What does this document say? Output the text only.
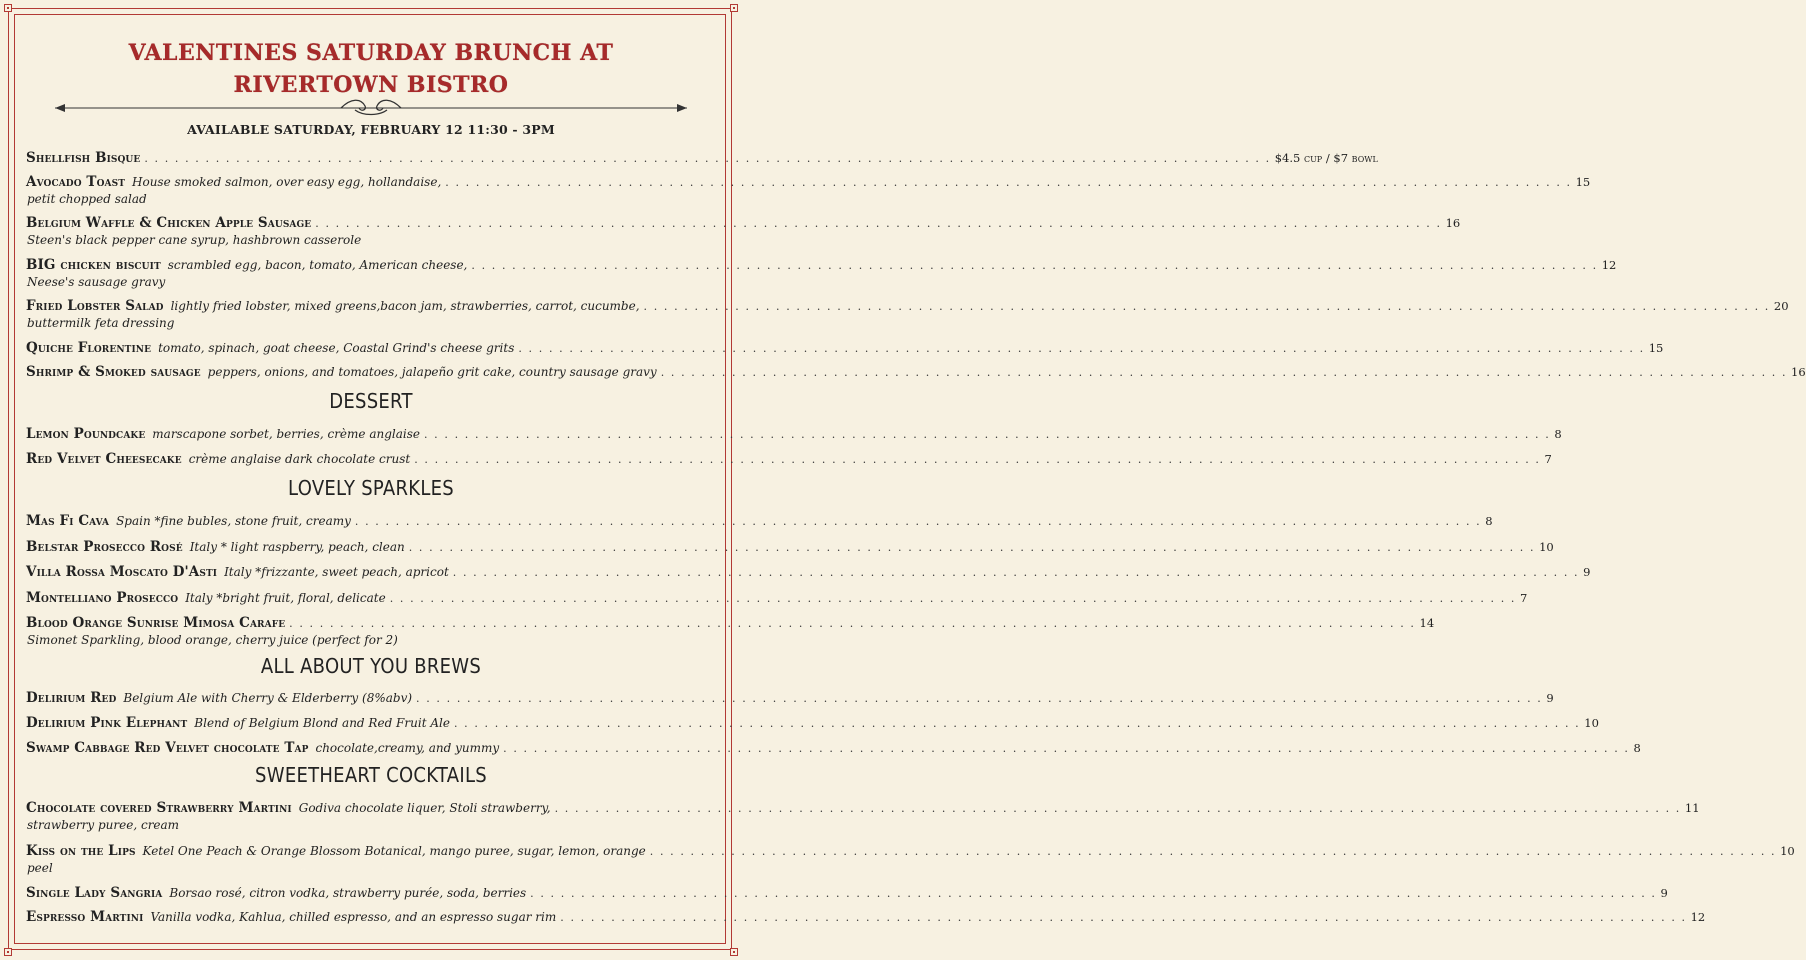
VALENTINES SATURDAY BRUNCH AT
RIVERTOWN BISTRO
AVAILABLE SATURDAY, FEBRUARY 12 11:30 - 3PM
Shellfish Bisque . . .	$4.5 cup / $7 bowl
Avocado Toast House smoked salmon, over easy egg, hollandaise, . . .	15
petit chopped salad
Belgium Waffle & Chicken Apple Sausage . . .	16
Steen's black pepper cane syrup, hashbrown casserole
BIG chicken biscuit scrambled egg, bacon, tomato, American cheese, . . .	12
Neese's sausage gravy
Fried Lobster Salad lightly fried lobster, mixed greens,bacon jam, strawberries, carrot, cucumbe, . . .	20
buttermilk feta dressing
Quiche Florentine tomato, spinach, goat cheese, Coastal Grind's cheese grits . . .	15
Shrimp & Smoked sausage peppers, onions, and tomatoes, jalapeño grit cake, country sausage gravy . . .	16
DESSERT
Lemon Poundcake marscapone sorbet, berries, crème anglaise . . .	8
Red Velvet Cheesecake crème anglaise dark chocolate crust . . .	7
LOVELY SPARKLES
Mas Fi Cava Spain *fine bubles, stone fruit, creamy . . .	8
Belstar Prosecco Rosé Italy * light raspberry, peach, clean . . .	10
Villa Rossa Moscato D'Asti Italy *frizzante, sweet peach, apricot . . .	9
Montelliano Prosecco Italy *bright fruit, floral, delicate . . .	7
Blood Orange Sunrise Mimosa Carafe . . .	14
Simonet Sparkling, blood orange, cherry juice (perfect for 2)
ALL ABOUT YOU BREWS
Delirium Red Belgium Ale with Cherry & Elderberry (8%abv) . . .	9
Delirium Pink Elephant Blend of Belgium Blond and Red Fruit Ale . . .	10
Swamp Cabbage Red Velvet chocolate Tap chocolate,creamy, and yummy . . .	8
SWEETHEART COCKTAILS
Chocolate covered Strawberry Martini Godiva chocolate liquer, Stoli strawberry, . . .	11
strawberry puree, cream
Kiss on the Lips Ketel One Peach & Orange Blossom Botanical, mango puree, sugar, lemon, orange . . .	10
peel
Single Lady Sangria Borsao rosé, citron vodka, strawberry purée, soda, berries . . .	9
Espresso Martini Vanilla vodka, Kahlua, chilled espresso, and an espresso sugar rim . . .	12
